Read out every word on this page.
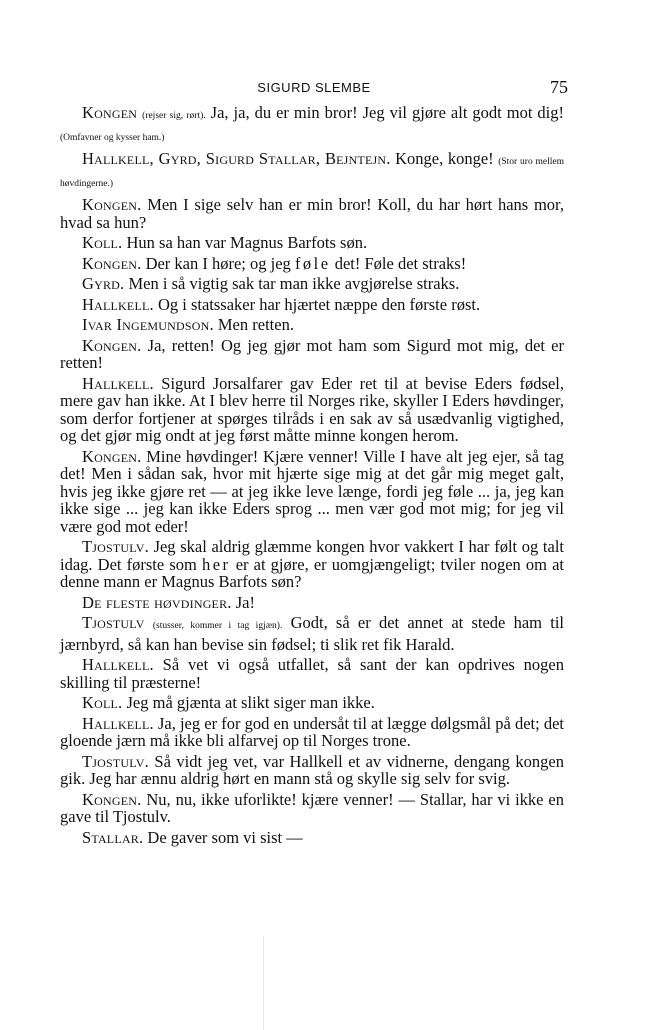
SIGURD SLEMBE	75

Kongen (rejser sig, rørt). Ja, ja, du er min bror! Jeg vil gjøre alt godt mot dig! (Omfavner og kysser ham.)

Hallkell, Gyrd, Sigurd Stallar, Bejntejn. Konge, konge! (Stor uro mellem høvdingerne.)

Kongen. Men I sige selv han er min bror! Koll, du har hørt hans mor, hvad sa hun?

Koll. Hun sa han var Magnus Barfots søn.

Kongen. Der kan I høre; og jeg føle det! Føle det straks!

Gyrd. Men i så vigtig sak tar man ikke avgjørelse straks.

Hallkell. Og i statssaker har hjærtet næppe den første røst.

Ivar Ingemundson. Men retten.

Kongen. Ja, retten! Og jeg gjør mot ham som Sigurd mot mig, det er retten!

Hallkell. Sigurd Jorsalfarer gav Eder ret til at bevise Eders fødsel, mere gav han ikke. At I blev herre til Norges rike, skyller I Eders høvdinger, som derfor fortjener at spørges tilråds i en sak av så usædvanlig vigtighed, og det gjør mig ondt at jeg først måtte minne kongen herom.

Kongen. Mine høvdinger! Kjære venner! Ville I have alt jeg ejer, så tag det! Men i sådan sak, hvor mit hjærte sige mig at det går mig meget galt, hvis jeg ikke gjøre ret — at jeg ikke leve længe, fordi jeg føle ... ja, jeg kan ikke sige ... jeg kan ikke Eders sprog ... men vær god mot mig; for jeg vil være god mot eder!

Tjostulv. Jeg skal aldrig glæmme kongen hvor vakkert I har følt og talt idag. Det første som her er at gjøre, er uomgjængeligt; tviler nogen om at denne mann er Magnus Barfots søn?

De fleste høvdinger. Ja!

Tjostulv (stusser, kommer i tag igjæn). Godt, så er det annet at stede ham til jærnbyrd, så kan han bevise sin fødsel; ti slik ret fik Harald.

Hallkell. Så vet vi også utfallet, så sant der kan opdrives nogen skilling til præsterne!

Koll. Jeg må gjænta at slikt siger man ikke.

Hallkell. Ja, jeg er for god en undersåt til at lægge dølgsmål på det; det gloende jærn må ikke bli alfarvej op til Norges trone.

Tjostulv. Så vidt jeg vet, var Hallkell et av vidnerne, dengang kongen gik. Jeg har ænnu aldrig hørt en mann stå og skylle sig selv for svig.

Kongen. Nu, nu, ikke uforlikte! kjære venner! — Stallar, har vi ikke en gave til Tjostulv.

Stallar. De gaver som vi sist —
